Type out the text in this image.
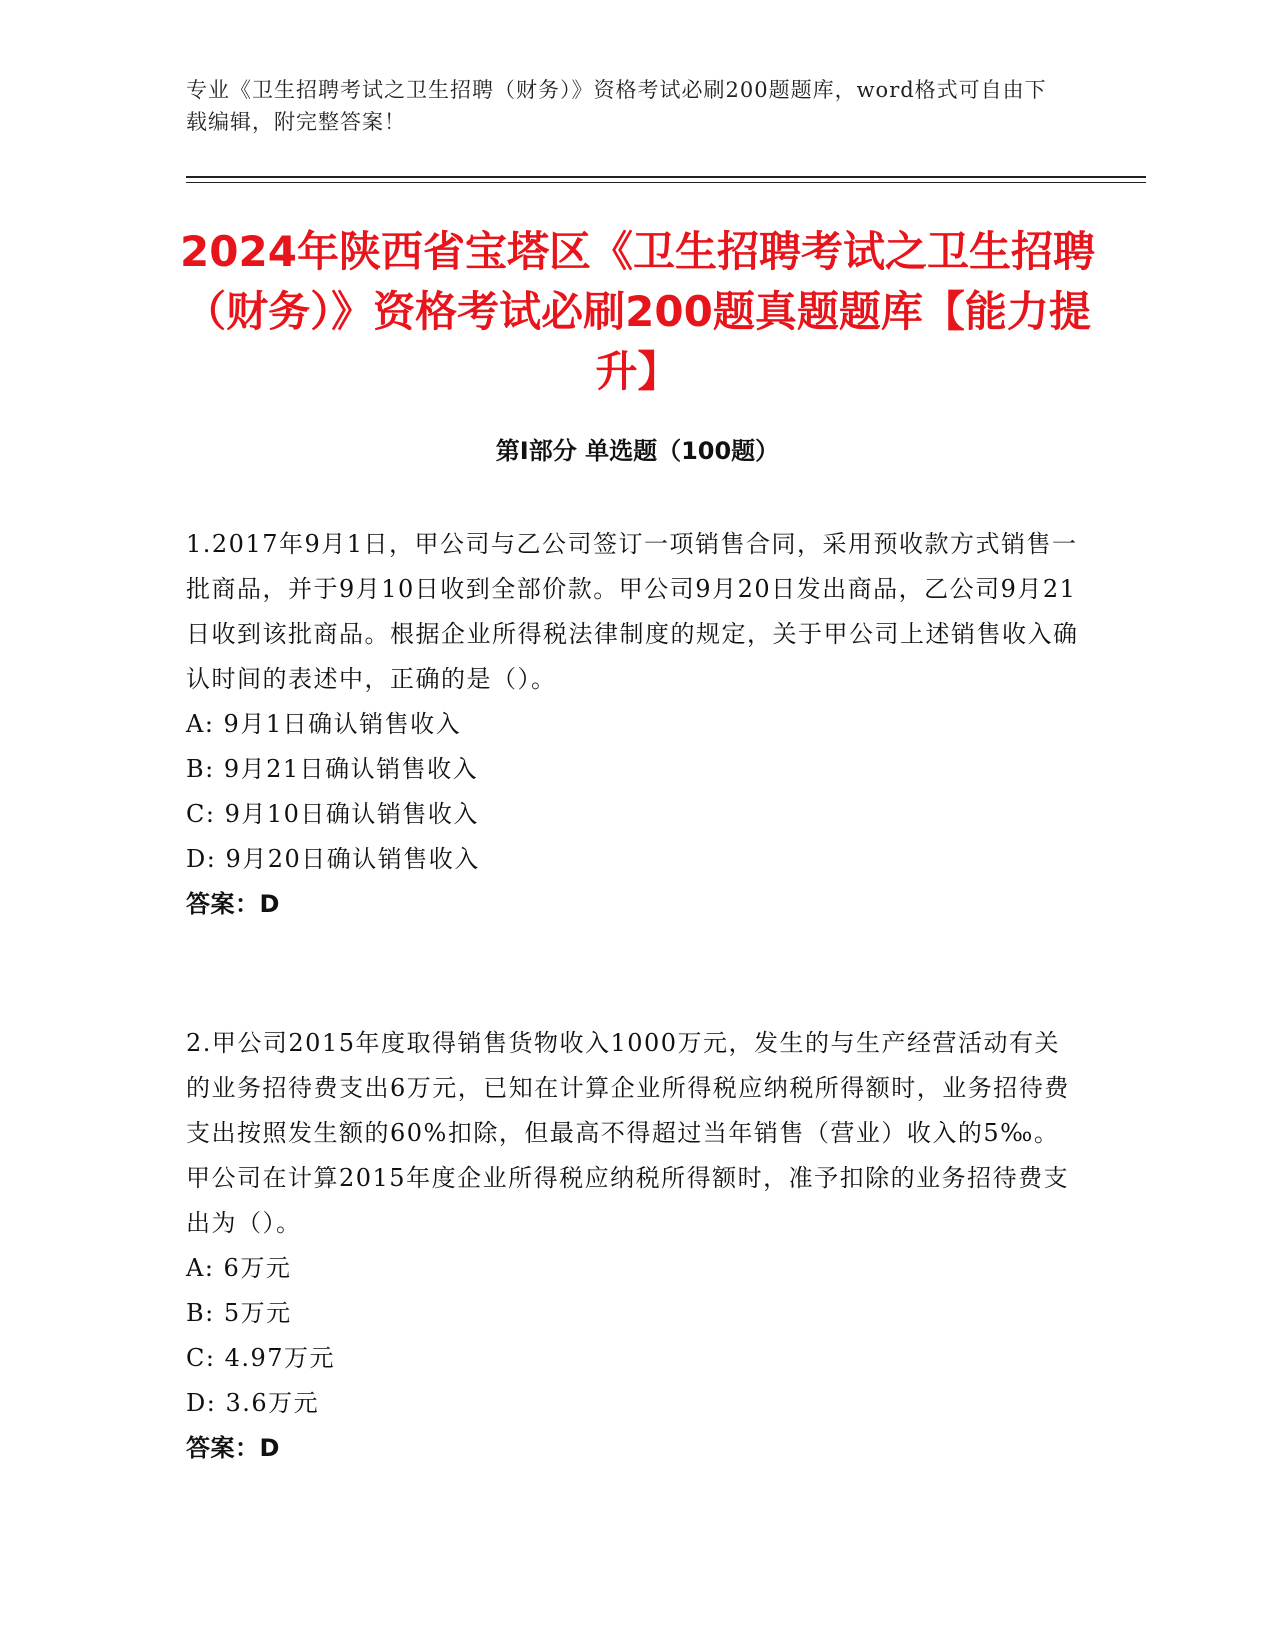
专业《卫生招聘考试之卫生招聘（财务）》资格考试必刷200题题库，word格式可自由下载编辑，附完整答案！
2024年陕西省宝塔区《卫生招聘考试之卫生招聘（财务）》资格考试必刷200题真题题库【能力提升】
第I部分 单选题（100题）

1.2017年9月1日，甲公司与乙公司签订一项销售合同，采用预收款方式销售一批商品，并于9月10日收到全部价款。甲公司9月20日发出商品，乙公司9月21日收到该批商品。根据企业所得税法律制度的规定，关于甲公司上述销售收入确认时间的表述中，正确的是（）。

A: 9月1日确认销售收入

B: 9月21日确认销售收入

C: 9月10日确认销售收入

D: 9月20日确认销售收入

答案：D

2.甲公司2015年度取得销售货物收入1000万元，发生的与生产经营活动有关的业务招待费支出6万元，已知在计算企业所得税应纳税所得额时，业务招待费支出按照发生额的60%扣除，但最高不得超过当年销售（营业）收入的5‰。甲公司在计算2015年度企业所得税应纳税所得额时，准予扣除的业务招待费支出为（）。

A: 6万元

B: 5万元

C: 4.97万元

D: 3.6万元

答案：D
